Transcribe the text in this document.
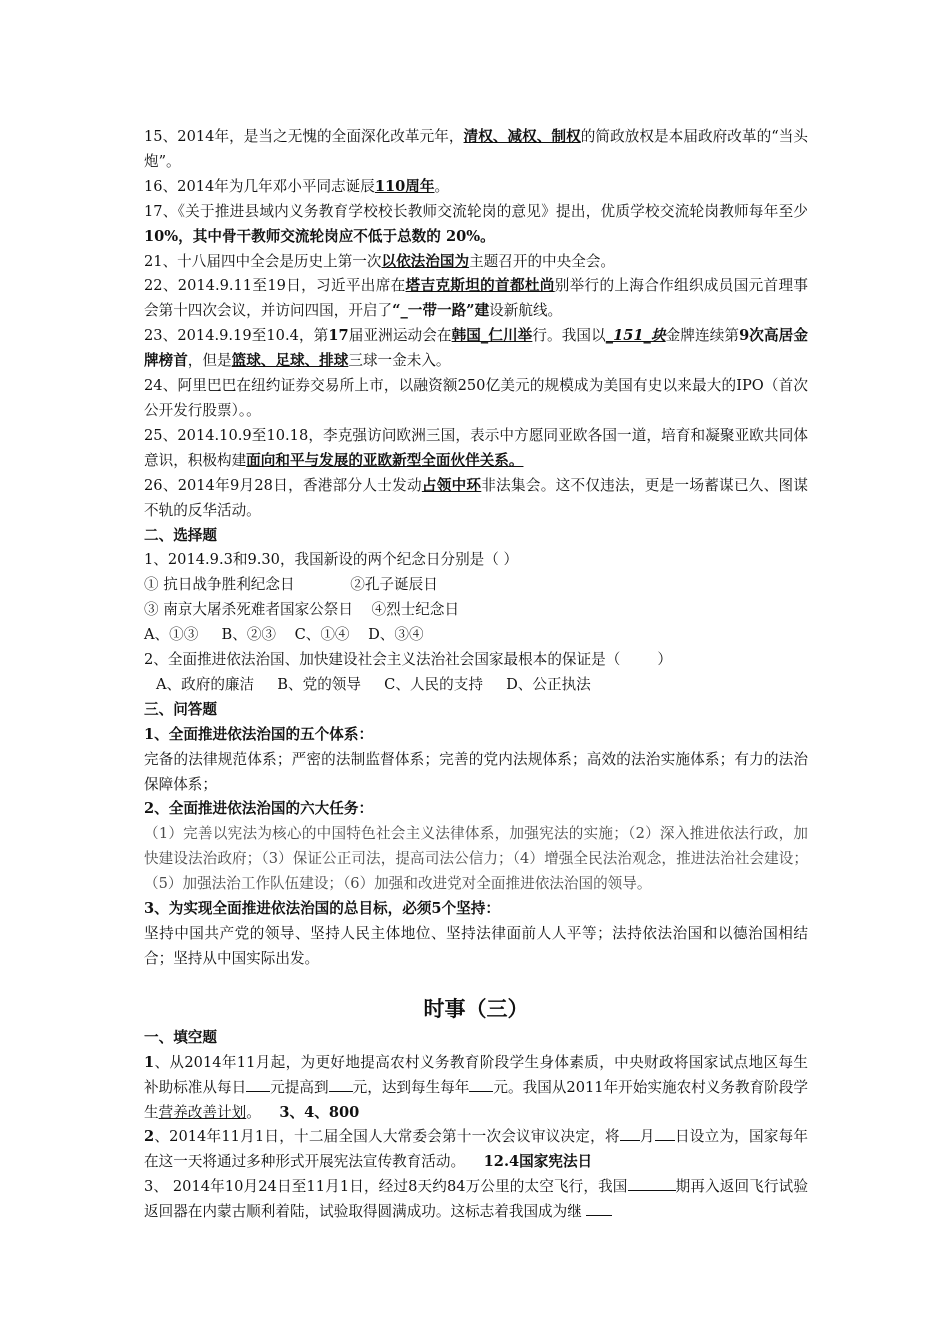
15、2014年，是当之无愧的全面深化改革元年，清权、减权、制权的简政放权是本届政府改革的“当头炮”。

16、2014年为几年邓小平同志诞辰110周年。

17、《关于推进县域内义务教育学校校长教师交流轮岗的意见》提出，优质学校交流轮岗教师每年至少10%，其中骨干教师交流轮岗应不低于总数的 20%。

21、十八届四中全会是历史上第一次以依法治国为主题召开的中央全会。

22、2014.9.11至19日，习近平出席在塔吉克斯坦的首都杜尚别举行的上海合作组织成员国元首理事会第十四次会议，并访问四国，开启了“_一带一路”建设新航线。

23、2014.9.19至10.4，第17届亚洲运动会在韩国_仁川举行。我国以_151_块金牌连续第9次高居金牌榜首，但是篮球、足球、排球三球一金未入。

24、阿里巴巴在纽约证券交易所上市，以融资额250亿美元的规模成为美国有史以来最大的IPO（首次公开发行股票）。。

25、2014.10.9至10.18，李克强访问欧洲三国，表示中方愿同亚欧各国一道，培育和凝聚亚欧共同体意识，积极构建面向和平与发展的亚欧新型全面伙伴关系。

26、2014年9月28日，香港部分人士发动占领中环非法集会。这不仅违法，更是一场蓄谋已久、图谋不轨的反华活动。

二、选择题

1、2014.9.3和9.30，我国新设的两个纪念日分别是（ ）

① 抗日战争胜利纪念日            ②孔子诞辰日

③ 南京大屠杀死难者国家公祭日    ④烈士纪念日

A、①③     B、②③    C、①④    D、③④

2、全面推进依法治国、加快建设社会主义法治社会国家最根本的保证是（        ）

A、政府的廉洁     B、党的领导     C、人民的支持     D、公正执法

三、问答题

1、全面推进依法治国的五个体系：

完备的法律规范体系；严密的法制监督体系；完善的党内法规体系；高效的法治实施体系；有力的法治保障体系；

2、全面推进依法治国的六大任务：

（1）完善以宪法为核心的中国特色社会主义法律体系，加强宪法的实施；（2）深入推进依法行政，加快建设法治政府；（3）保证公正司法，提高司法公信力；（4）增强全民法治观念，推进法治社会建设；（5）加强法治工作队伍建设；（6）加强和改进党对全面推进依法治国的领导。

3、为实现全面推进依法治国的总目标，必须5个坚持：

坚持中国共产党的领导、坚持人民主体地位、坚持法律面前人人平等；法持依法治国和以德治国相结合；坚持从中国实际出发。

时事（三）

一、填空题

1、从2014年11月起，为更好地提高农村义务教育阶段学生身体素质，中央财政将国家试点地区每生补助标准从每日 元提高到 元，达到每生每年 元。我国从2011年开始实施农村义务教育阶段学生营养改善计划。 3、4、800

2、2014年11月1日，十二届全国人大常委会第十一次会议审议决定，将 月 日设立为，国家每年在这一天将通过多种形式开展宪法宣传教育活动。 12.4国家宪法日

3、 2014年10月24日至11月1日，经过8天约84万公里的太空飞行，我国	期再入返回飞行试验返回器在内蒙古顺利着陆，试验取得圆满成功。这标志着我国成为继
